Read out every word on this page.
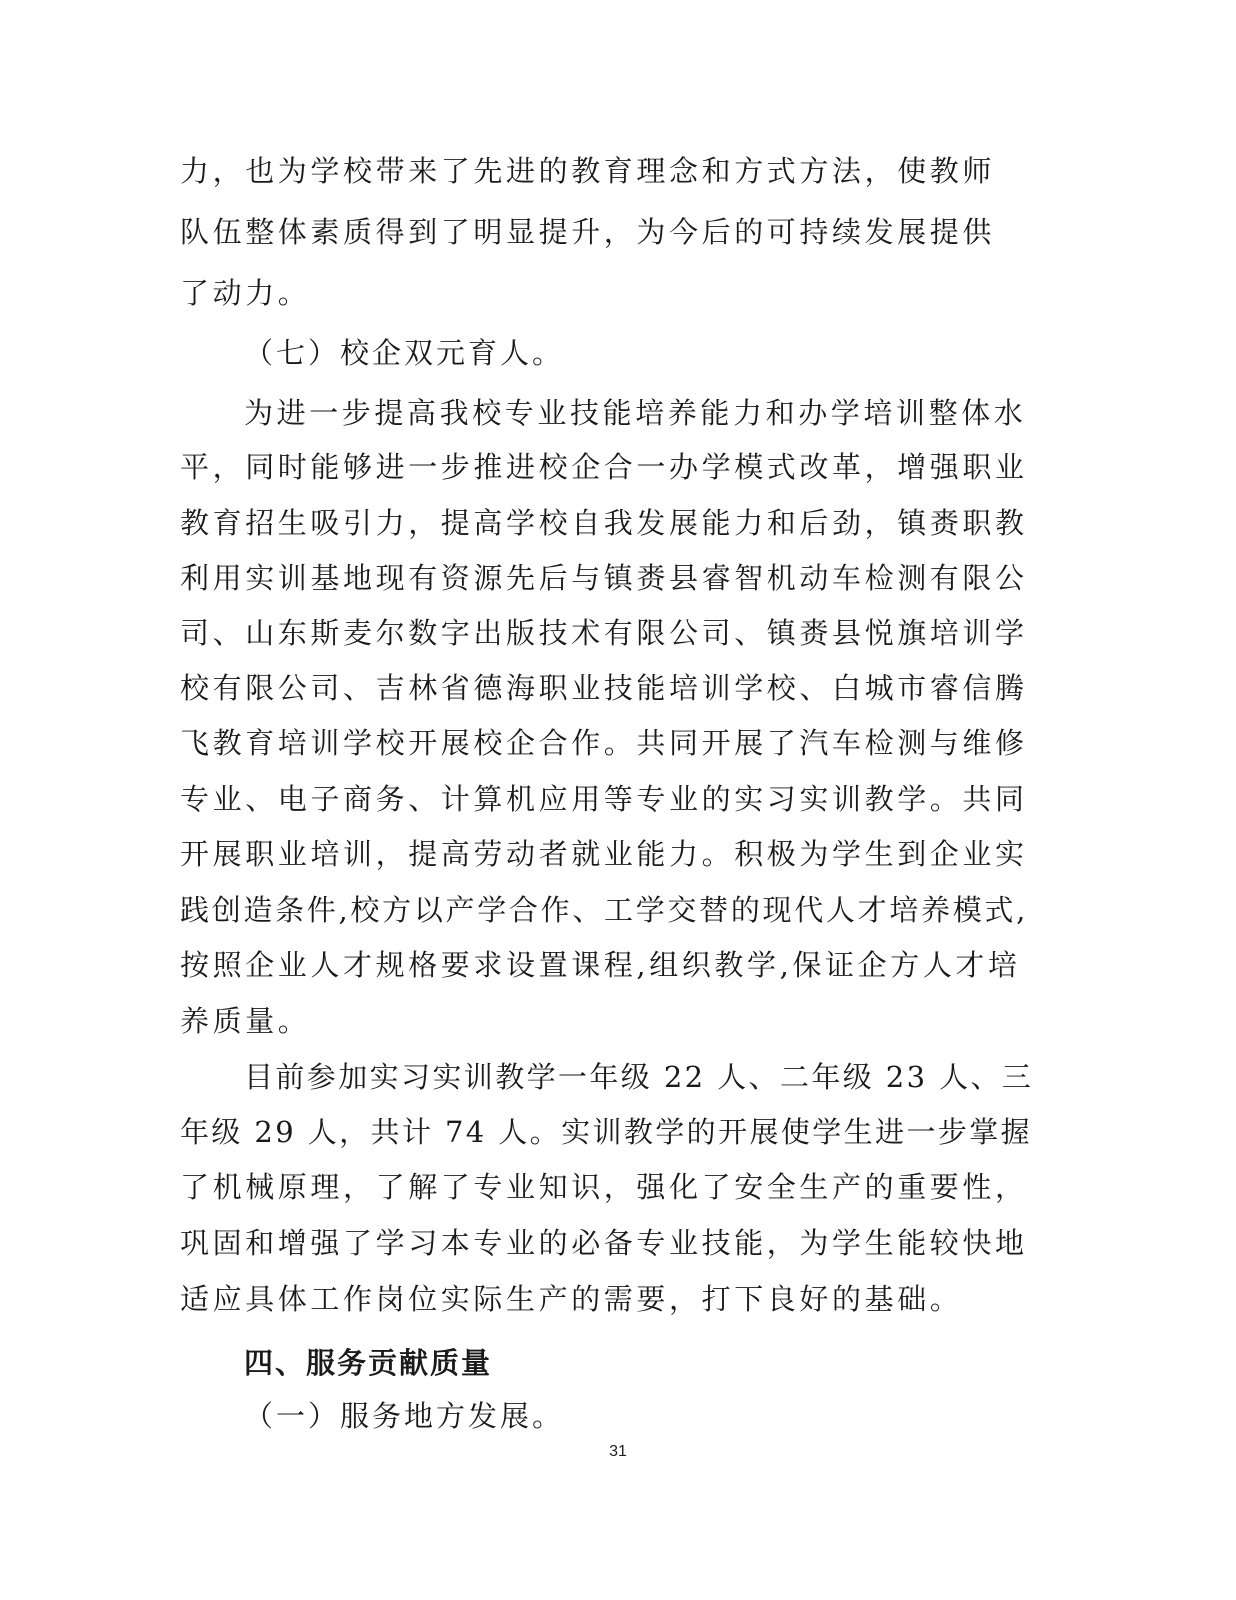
力，也为学校带来了先进的教育理念和方式方法，使教师
队伍整体素质得到了明显提升，为今后的可持续发展提供
了动力。
（七）校企双元育人。
为进一步提高我校专业技能培养能力和办学培训整体水
平，同时能够进一步推进校企合一办学模式改革，增强职业
教育招生吸引力，提高学校自我发展能力和后劲，镇赉职教
利用实训基地现有资源先后与镇赉县睿智机动车检测有限公
司、山东斯麦尔数字出版技术有限公司、镇赉县悦旗培训学
校有限公司、吉林省德海职业技能培训学校、白城市睿信腾
飞教育培训学校开展校企合作。共同开展了汽车检测与维修
专业、电子商务、计算机应用等专业的实习实训教学。共同
开展职业培训，提高劳动者就业能力。积极为学生到企业实
践创造条件,校方以产学合作、工学交替的现代人才培养模式,
按照企业人才规格要求设置课程,组织教学,保证企方人才培
养质量。
目前参加实习实训教学一年级 22 人、二年级 23 人、三
年级 29 人，共计 74 人。实训教学的开展使学生进一步掌握
了机械原理，了解了专业知识，强化了安全生产的重要性，
巩固和增强了学习本专业的必备专业技能，为学生能较快地
适应具体工作岗位实际生产的需要，打下良好的基础。
四、服务贡献质量
（一）服务地方发展。
31
